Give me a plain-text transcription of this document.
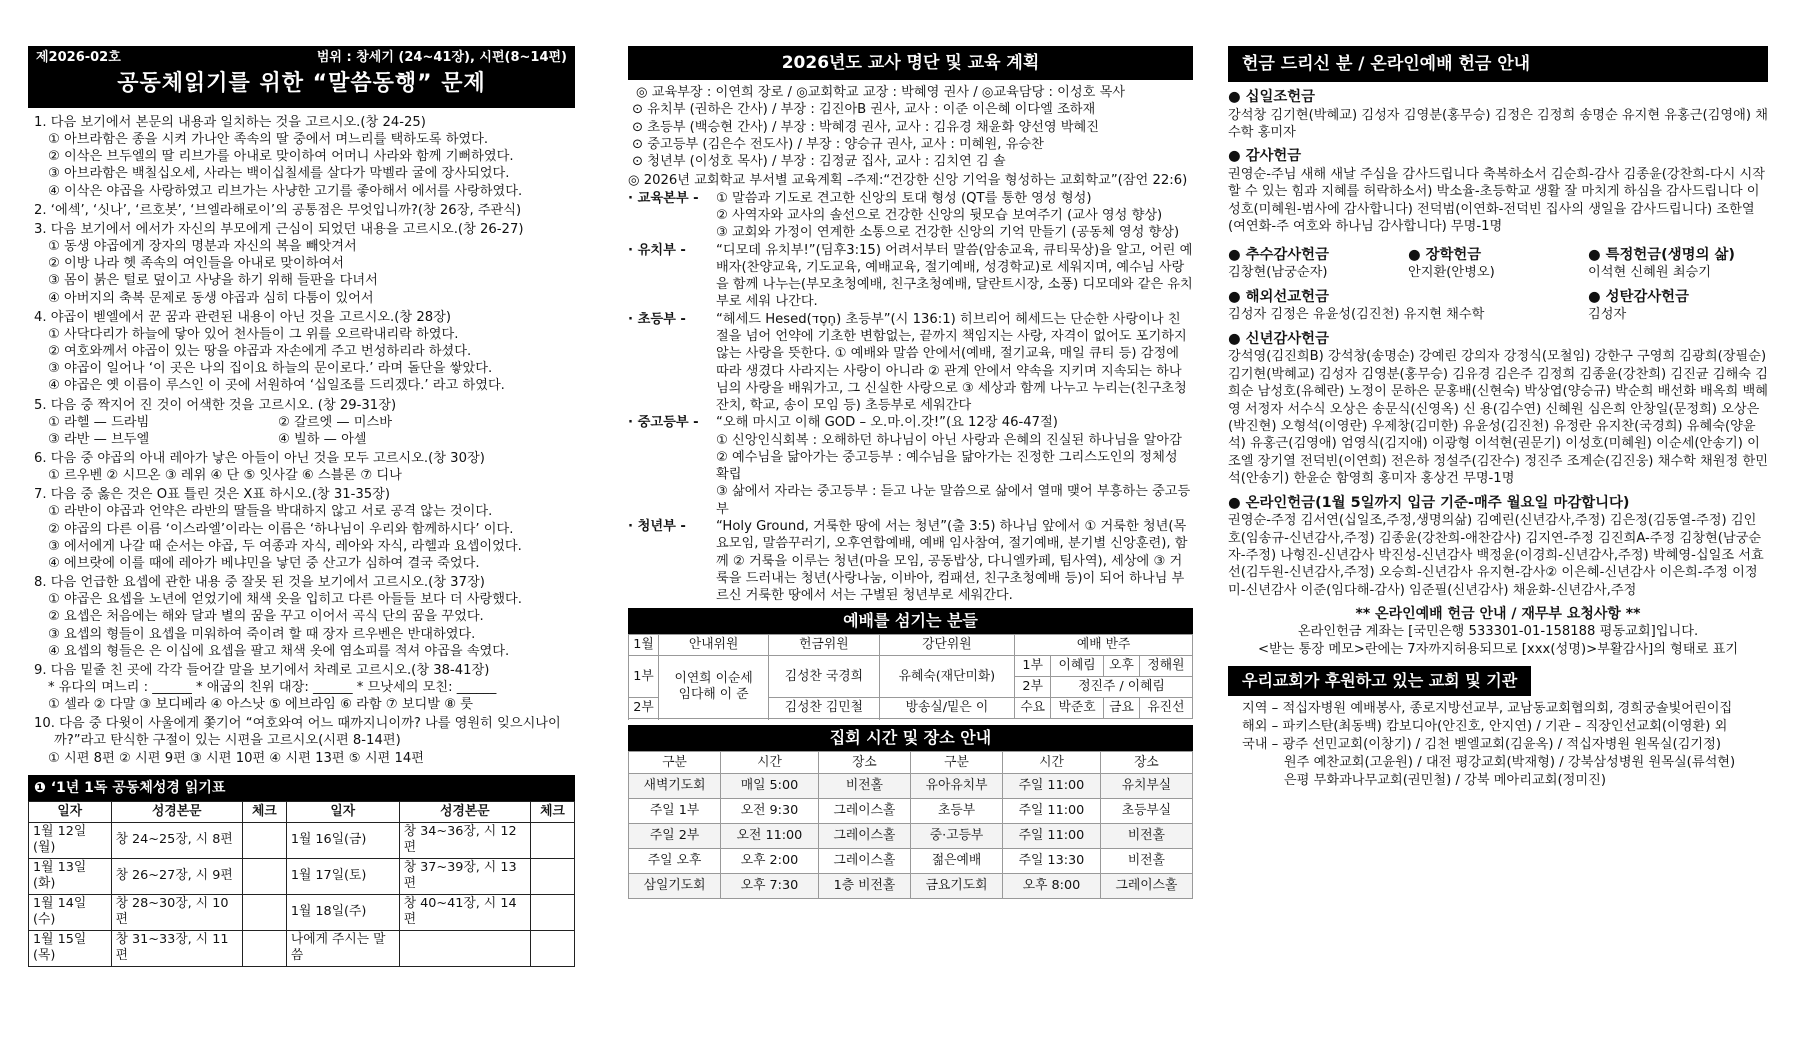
제2026-02호	범위 : 창세기 (24~41장), 시편(8~14편)
공동체읽기를 위한 “말씀동행” 문제
1. 다음 보기에서 본문의 내용과 일치하는 것을 고르시오.(창 24-25)
① 아브라함은 종을 시켜 가나안 족속의 딸 중에서 며느리를 택하도록 하였다.
② 이삭은 브두엘의 딸 리브가를 아내로 맞이하여 어머니 사라와 함께 기뻐하였다.
③ 아브라함은 백칠십오세, 사라는 백이십칠세를 살다가 막벨라 굴에 장사되었다.
④ 이삭은 야곱을 사랑하였고 리브가는 사냥한 고기를 좋아해서 에서를 사랑하였다.
2. ‘에섹’, ‘싯나’, ‘르호봇’, ‘브엘라해로이’의 공통점은 무엇입니까?(창 26장, 주관식)
3. 다음 보기에서 에서가 자신의 부모에게 근심이 되었던 내용을 고르시오.(창 26-27)
① 동생 야곱에게 장자의 명분과 자신의 복을 빼앗겨서
② 이방 나라 헷 족속의 여인들을 아내로 맞이하여서
③ 몸이 붉은 털로 덮이고 사냥을 하기 위해 들판을 다녀서
④ 아버지의 축복 문제로 동생 야곱과 심히 다툼이 있어서
4. 야곱이 벧엘에서 꾼 꿈과 관련된 내용이 아닌 것을 고르시오.(창 28장)
① 사닥다리가 하늘에 닿아 있어 천사들이 그 위를 오르락내리락 하였다.
② 여호와께서 야곱이 있는 땅을 야곱과 자손에게 주고 번성하리라 하셨다.
③ 야곱이 일어나 ‘이 곳은 나의 집이요 하늘의 문이로다.’ 라며 돌단을 쌓았다.
④ 야곱은 옛 이름이 루스인 이 곳에 서원하여 ‘십일조를 드리겠다.’ 라고 하였다.
5. 다음 중 짝지어 진 것이 어색한 것을 고르시오. (창 29-31장)
① 라헬 — 드라빔	② 갈르엣 — 미스바
③ 라반 — 브두엘	④ 빌하 — 아셀
6. 다음 중 야곱의 아내 레아가 낳은 아들이 아닌 것을 모두 고르시오.(창 30장)
① 르우벤 ② 시므온 ③ 레위 ④ 단 ⑤ 잇사갈 ⑥ 스블론 ⑦ 디나
7. 다음 중 옳은 것은 O표 틀린 것은 X표 하시오.(창 31-35장)
① 라반이 야곱과 언약은 라반의 딸들을 박대하지 않고 서로 공격 않는 것이다.
② 야곱의 다른 이름 ‘이스라엘’이라는 이름은 ‘하나님이 우리와 함께하시다’ 이다.
③ 에서에게 나갈 때 순서는 야곱, 두 여종과 자식, 레아와 자식, 라헬과 요셉이었다.
④ 에브랏에 이를 때에 레아가 베냐민을 낳던 중 산고가 심하여 결국 죽었다.
8. 다음 언급한 요셉에 관한 내용 중 잘못 된 것을 보기에서 고르시오.(창 37장)
① 야곱은 요셉을 노년에 얻었기에 채색 옷을 입히고 다른 아들들 보다 더 사랑했다.
② 요셉은 처음에는 해와 달과 별의 꿈을 꾸고 이어서 곡식 단의 꿈을 꾸었다.
③ 요셉의 형들이 요셉을 미워하여 죽이려 할 때 장자 르우벤은 반대하였다.
④ 요셉의 형들은 은 이십에 요셉을 팔고 채색 옷에 염소피를 적셔 야곱을 속였다.
9. 다음 밑줄 친 곳에 각각 들어갈 말을 보기에서 차례로 고르시오.(창 38-41장)
* 유다의 며느리 : ______ * 애굽의 친위 대장: ______ * 므낫세의 모친: ______
① 셀라 ② 다말 ③ 보디베라 ④ 아스낫 ⑤ 에브라임 ⑥ 라함 ⑦ 보디발 ⑧ 룻
10. 다음 중 다윗이 사울에게 쫓기어 “여호와여 어느 때까지니이까? 나를 영원히 잊으시나이까?”라고 탄식한 구절이 있는 시편을 고르시오(시편 8-14편)
① 시편 8편 ② 시편 9편 ③ 시편 10편 ④ 시편 13편 ⑤ 시편 14편
❶ ‘1년 1독 공동체성경 읽기표
일자	성경본문	체크	일자	성경본문	체크
1월 12일(월)	창 24~25장, 시 8편		1월 16일(금)	창 34~36장, 시 12편	
1월 13일(화)	창 26~27장, 시 9편		1월 17일(토)	창 37~39장, 시 13편	
1월 14일(수)	창 28~30장, 시 10편		1월 18일(주)	창 40~41장, 시 14편	
1월 15일(목)	창 31~33장, 시 11편		나에게 주시는 말씀		
2026년도 교사 명단 및 교육 계획
◎ 교육부장 : 이연희 장로 / ◎교회학교 교장 : 박혜영 권사 / ◎교육담당 : 이성호 목사
⊙ 유치부 (권하은 간사) / 부장 : 김진아B 권사, 교사 : 이준 이은혜 이다엘 조하재
⊙ 초등부 (백승현 간사) / 부장 : 박혜경 권사, 교사 : 김유경 채윤화 양선영 박혜진
⊙ 중고등부 (김은수 전도사) / 부장 : 양승규 권사, 교사 : 미혜원, 유승찬
⊙ 청년부 (이성호 목사) / 부장 : 김정균 집사, 교사 : 김치연 김 솔
◎ 2026년 교회학교 부서별 교육계획 –주제:“건강한 신앙 기억을 형성하는 교회학교”(잠언 22:6)
· 교육본부 -	① 말씀과 기도로 견고한 신앙의 토대 형성 (QT를 통한 영성 형성)
② 사역자와 교사의 솔선으로 건강한 신앙의 뒷모습 보여주기 (교사 영성 향상)
③ 교회와 가정이 연계한 소통으로 건강한 신앙의 기억 만들기 (공동체 영성 향상)
· 유치부 -	“디모데 유치부!”(딤후3:15) 어려서부터 말씀(암송교육, 큐티묵상)을 알고, 어린 예배자(찬양교육, 기도교육, 예배교육, 절기예배, 성경학교)로 세워지며, 예수님 사랑을 함께 나누는(부모초청예배, 친구초청예배, 달란트시장, 소풍) 디모데와 같은 유치부로 세워 나간다.
· 초등부 -	“헤세드 Hesed(חֶסֶד) 초등부”(시 136:1) 히브리어 헤세드는 단순한 사랑이나 친절을 넘어 언약에 기초한 변함없는, 끝까지 책임지는 사랑, 자격이 없어도 포기하지 않는 사랑을 뜻한다. ① 예배와 말씀 안에서(예배, 절기교육, 매일 큐티 등) 감정에 따라 생겼다 사라지는 사랑이 아니라 ② 관계 안에서 약속을 지키며 지속되는 하나님의 사랑을 배워가고, 그 신실한 사랑으로 ③ 세상과 함께 나누고 누리는(친구초청잔치, 학교, 송이 모임 등) 초등부로 세워간다
· 중고등부 -	“오해 마시고 이해 GOD – 오.마.이.갓!”(요 12장 46-47절)
① 신앙인식회복 : 오해하던 하나님이 아닌 사랑과 은혜의 진실된 하나님을 알아감
② 예수님을 닮아가는 중고등부 : 예수님을 닮아가는 진정한 그리스도인의 정체성 확립
③ 삶에서 자라는 중고등부 : 듣고 나눈 말씀으로 삶에서 열매 맺어 부흥하는 중고등부
· 청년부 -	“Holy Ground, 거룩한 땅에 서는 청년”(출 3:5) 하나님 앞에서 ① 거룩한 청년(목요모임, 말씀꾸러기, 오후연합예배, 예배 임사참여, 절기예배, 분기별 신앙훈련), 함께 ② 거룩을 이루는 청년(마을 모임, 공동밥상, 다니엘카페, 팀사역), 세상에 ③ 거룩을 드러내는 청년(사랑나눔, 이바아, 컴패션, 친구초청예배 등)이 되어 하나님 부르신 거룩한 땅에서 서는 구별된 청년부로 세워간다.
예배를 섬기는 분들
1월	안내위원	헌금위원	강단위원	예배 반주			
1부	이연희 이순세
임다해 이 준	김성찬 국경희	유혜숙(재단미화)	1부	이혜림	오후	정해원
				2부	정진주 / 이혜림		
2부		김성찬 김민철	방송실/밑은 이	수요	박준호	금요	유진선

집회 시간 및 장소 안내
구분	시간	장소	구분	시간	장소
새벽기도회	매일 5:00	비전홀	유아유치부	주일 11:00	유치부실
주일 1부	오전 9:30	그레이스홀	초등부	주일 11:00	초등부실
주일 2부	오전 11:00	그레이스홀	중·고등부	주일 11:00	비전홀
주일 오후	오후 2:00	그레이스홀	젊은예배	주일 13:30	비전홀
삼일기도회	오후 7:30	1층 비전홀	금요기도회	오후 8:00	그레이스홀
헌금 드리신 분 / 온라인예배 헌금 안내
● 십일조헌금
강석창 김기현(박혜교) 김성자 김영분(홍무승) 김정은 김정희 송명순 유지현 유홍근(김영애) 채수학 홍미자
● 감사헌금
권영순-주님 새해 새날 주심을 감사드립니다 축복하소서 김순희-감사 김종윤(강찬희-다시 시작할 수 있는 힘과 지혜를 허락하소서) 박소율-초등학교 생활 잘 마치게 하심을 감사드립니다 이성호(미혜원-범사에 감사합니다) 전덕범(이연화-전덕빈 집사의 생일을 감사드립니다) 조한열(여연화-주 여호와 하나님 감사합니다) 무명-1명
● 추수감사헌금
김창현(남궁순자)
● 장학헌금
안지환(안병오)
● 특정헌금(생명의 삶)
이석현 신혜원 최승기
● 해외선교헌금
김성자 김정은 유윤성(김진천) 유지현 채수학
● 성탄감사헌금
김성자
● 신년감사헌금
강석영(김진희B) 강석창(송명순) 강예린 강의자 강정식(모철임) 강한구 구영희 김광희(장필순) 김기현(박혜교) 김성자 김영분(홍무승) 김유경 김은주 김정희 김종윤(강찬희) 김진균 김해숙 김희순 남성호(유혜란) 노정이 문하은 문홍배(신현숙) 박상엽(양승규) 박순희 배선화 배옥희 백혜영 서정자 서수식 오상은 송문식(신영옥) 신 용(김수연) 신혜원 심은희 안창일(문정희) 오상은(박진현) 오형석(이영란) 우제창(김미한) 유윤성(김진천) 유정란 유지찬(국경희) 유혜숙(양윤석) 유홍근(김영애) 엄영식(김지애) 이광형 이석현(권문기) 이성호(미혜원) 이순세(안송기) 이조엘 장기열 전덕빈(이연희) 전은하 정설주(김잔수) 정진주 조계순(김진웅) 채수학 채원정 한민석(안송기) 한윤순 함영희 홍미자 홍상건 무명-1명
● 온라인헌금(1월 5일까지 입금 기준-매주 월요일 마감합니다)
권영순-주정 김서연(십일조,주정,생명의삶) 김예린(신년감사,주정) 김은정(김동열-주정) 김인호(임송규-신년감사,주정) 김종윤(강찬희-애찬감사) 김지연-주정 김진희A-주정 김창현(남궁순자-주정) 나형진-신년감사 박진성-신년감사 백정윤(이경희-신년감사,주정) 박혜영-십일조 서효선(김두원-신년감사,주정) 오승희-신년감사 유지현-감사② 이은혜-신년감사 이은희-주정 이정미-신년감사 이준(임다해-감사) 임준필(신년감사) 채윤화-신년감사,주정
** 온라인예배 헌금 안내 / 재무부 요청사항 **
온라인헌금 계좌는 [국민은행 533301-01-158188 평동교회]입니다.
<받는 통장 메모>란에는 7자까지허용되므로 [xxx(성명)>부활감사]의 형태로 표기
우리교회가 후원하고 있는 교회 및 기관
지역 – 적십자병원 예배봉사, 종로지방선교부, 교남동교회협의회, 경희궁솔빛어린이집
해외 – 파키스탄(최동백) 캄보디아(안진호, 안지연) / 기관 – 직장인선교회(이영환) 외
국내 – 광주 선민교회(이창기) / 김천 벧엘교회(김윤옥) / 적십자병원 원목실(김기정)
원주 예찬교회(고윤원) / 대전 평강교회(박재형) / 강북삼성병원 원목실(류석현)
은평 무화과나무교회(권민철) / 강북 메아리교회(정미진)
